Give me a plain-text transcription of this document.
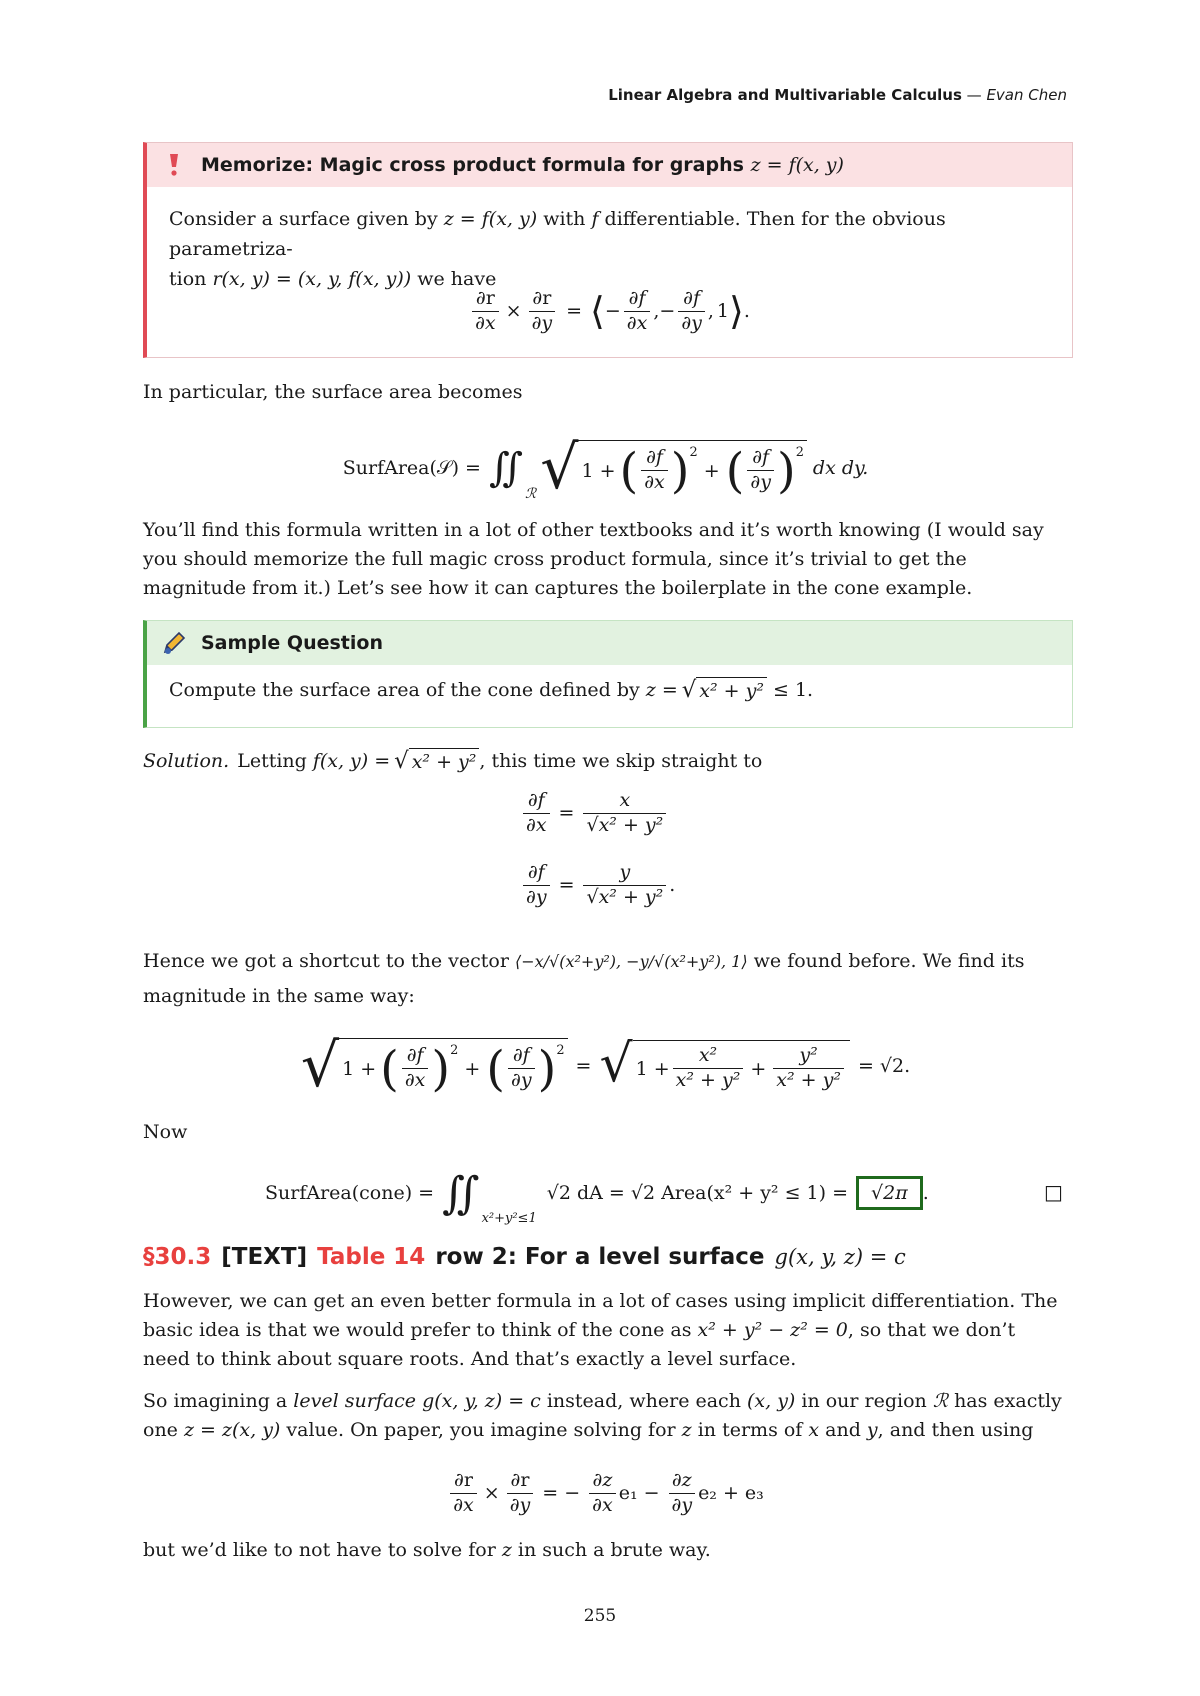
Linear Algebra and Multivariable Calculus — Evan Chen
Memorize: Magic cross product formula for graphs z = f(x, y)
Consider a surface given by z = f(x, y) with f differentiable. Then for the obvious parametriza-
tion r(x, y) = (x, y, f(x, y)) we have
$\frac{\partial r}{\partial x} \times \frac{\partial r}{\partial y}$ = ⟨ − $\frac{\partial f}{\partial x}$ , − $\frac{\partial f}{\partial y}$ , 1 ⟩ .
In particular, the surface area becomes
SurfArea(𝒮) = ∬
ℛ √ 1 + ( $\frac{\partial f}{\partial x} )^2$
+ ( $\frac{\partial f}{\partial y} )^2$
dx dy.
You’ll find this formula written in a lot of other textbooks and it’s worth knowing (I would say you should memorize the full magic cross product formula, since it’s trivial to get the magnitude from it.) Let’s see how it can captures the boilerplate in the cone example.
Sample Question
Compute the surface area of the cone defined by z = √ x² + y² ≤ 1.
Solution. Letting f(x, y) = √ x² + y² , this time we skip straight to
$\frac{\partial f}{\partial x} = \frac{x}{\text{√x² + y²}}$
$\frac{\partial f}{\partial y} = \frac{y}{\text{√x² + y²}}$ .
Hence we got a shortcut to the vector ⟨−x/√(x²+y²), −y/√(x²+y²), 1⟩ we found before. We find its magnitude in the same way:
√ 1 + ( $\frac{\partial f}{\partial x} )^2$
+ ( $\frac{\partial f}{\partial y} )^2$
= √ $1 + \frac{\text{x²}}{\text{x² + y²}} + \frac{\text{y²}}{\text{x² + y²}} = √2$.
Now
SurfArea(cone) = ∬ x²+y²≤1
√2 dA = √2 Area(x² + y² ≤ 1) =	√2π .	□
§30.3 [TEXT] Table 14 row 2: For a level surface g(x, y, z) = c
However, we can get an even better formula in a lot of cases using implicit differentiation. The basic idea is that we would prefer to think of the cone as x² + y² − z² = 0, so that we don’t need to think about square roots. And that’s exactly a level surface.
So imagining a level surface g(x, y, z) = c instead, where each (x, y) in our region ℛ has exactly one z = z(x, y) value. On paper, you imagine solving for z in terms of x and y, and then using
$\frac{\partial r}{\partial x} \times \frac{\partial r}{\partial y}$ = − $\frac{\partial z}{\partial x} e_1 - \frac{\partial z}{\partial y} e_2 + e_3$
but we’d like to not have to solve for z in such a brute way.
255
